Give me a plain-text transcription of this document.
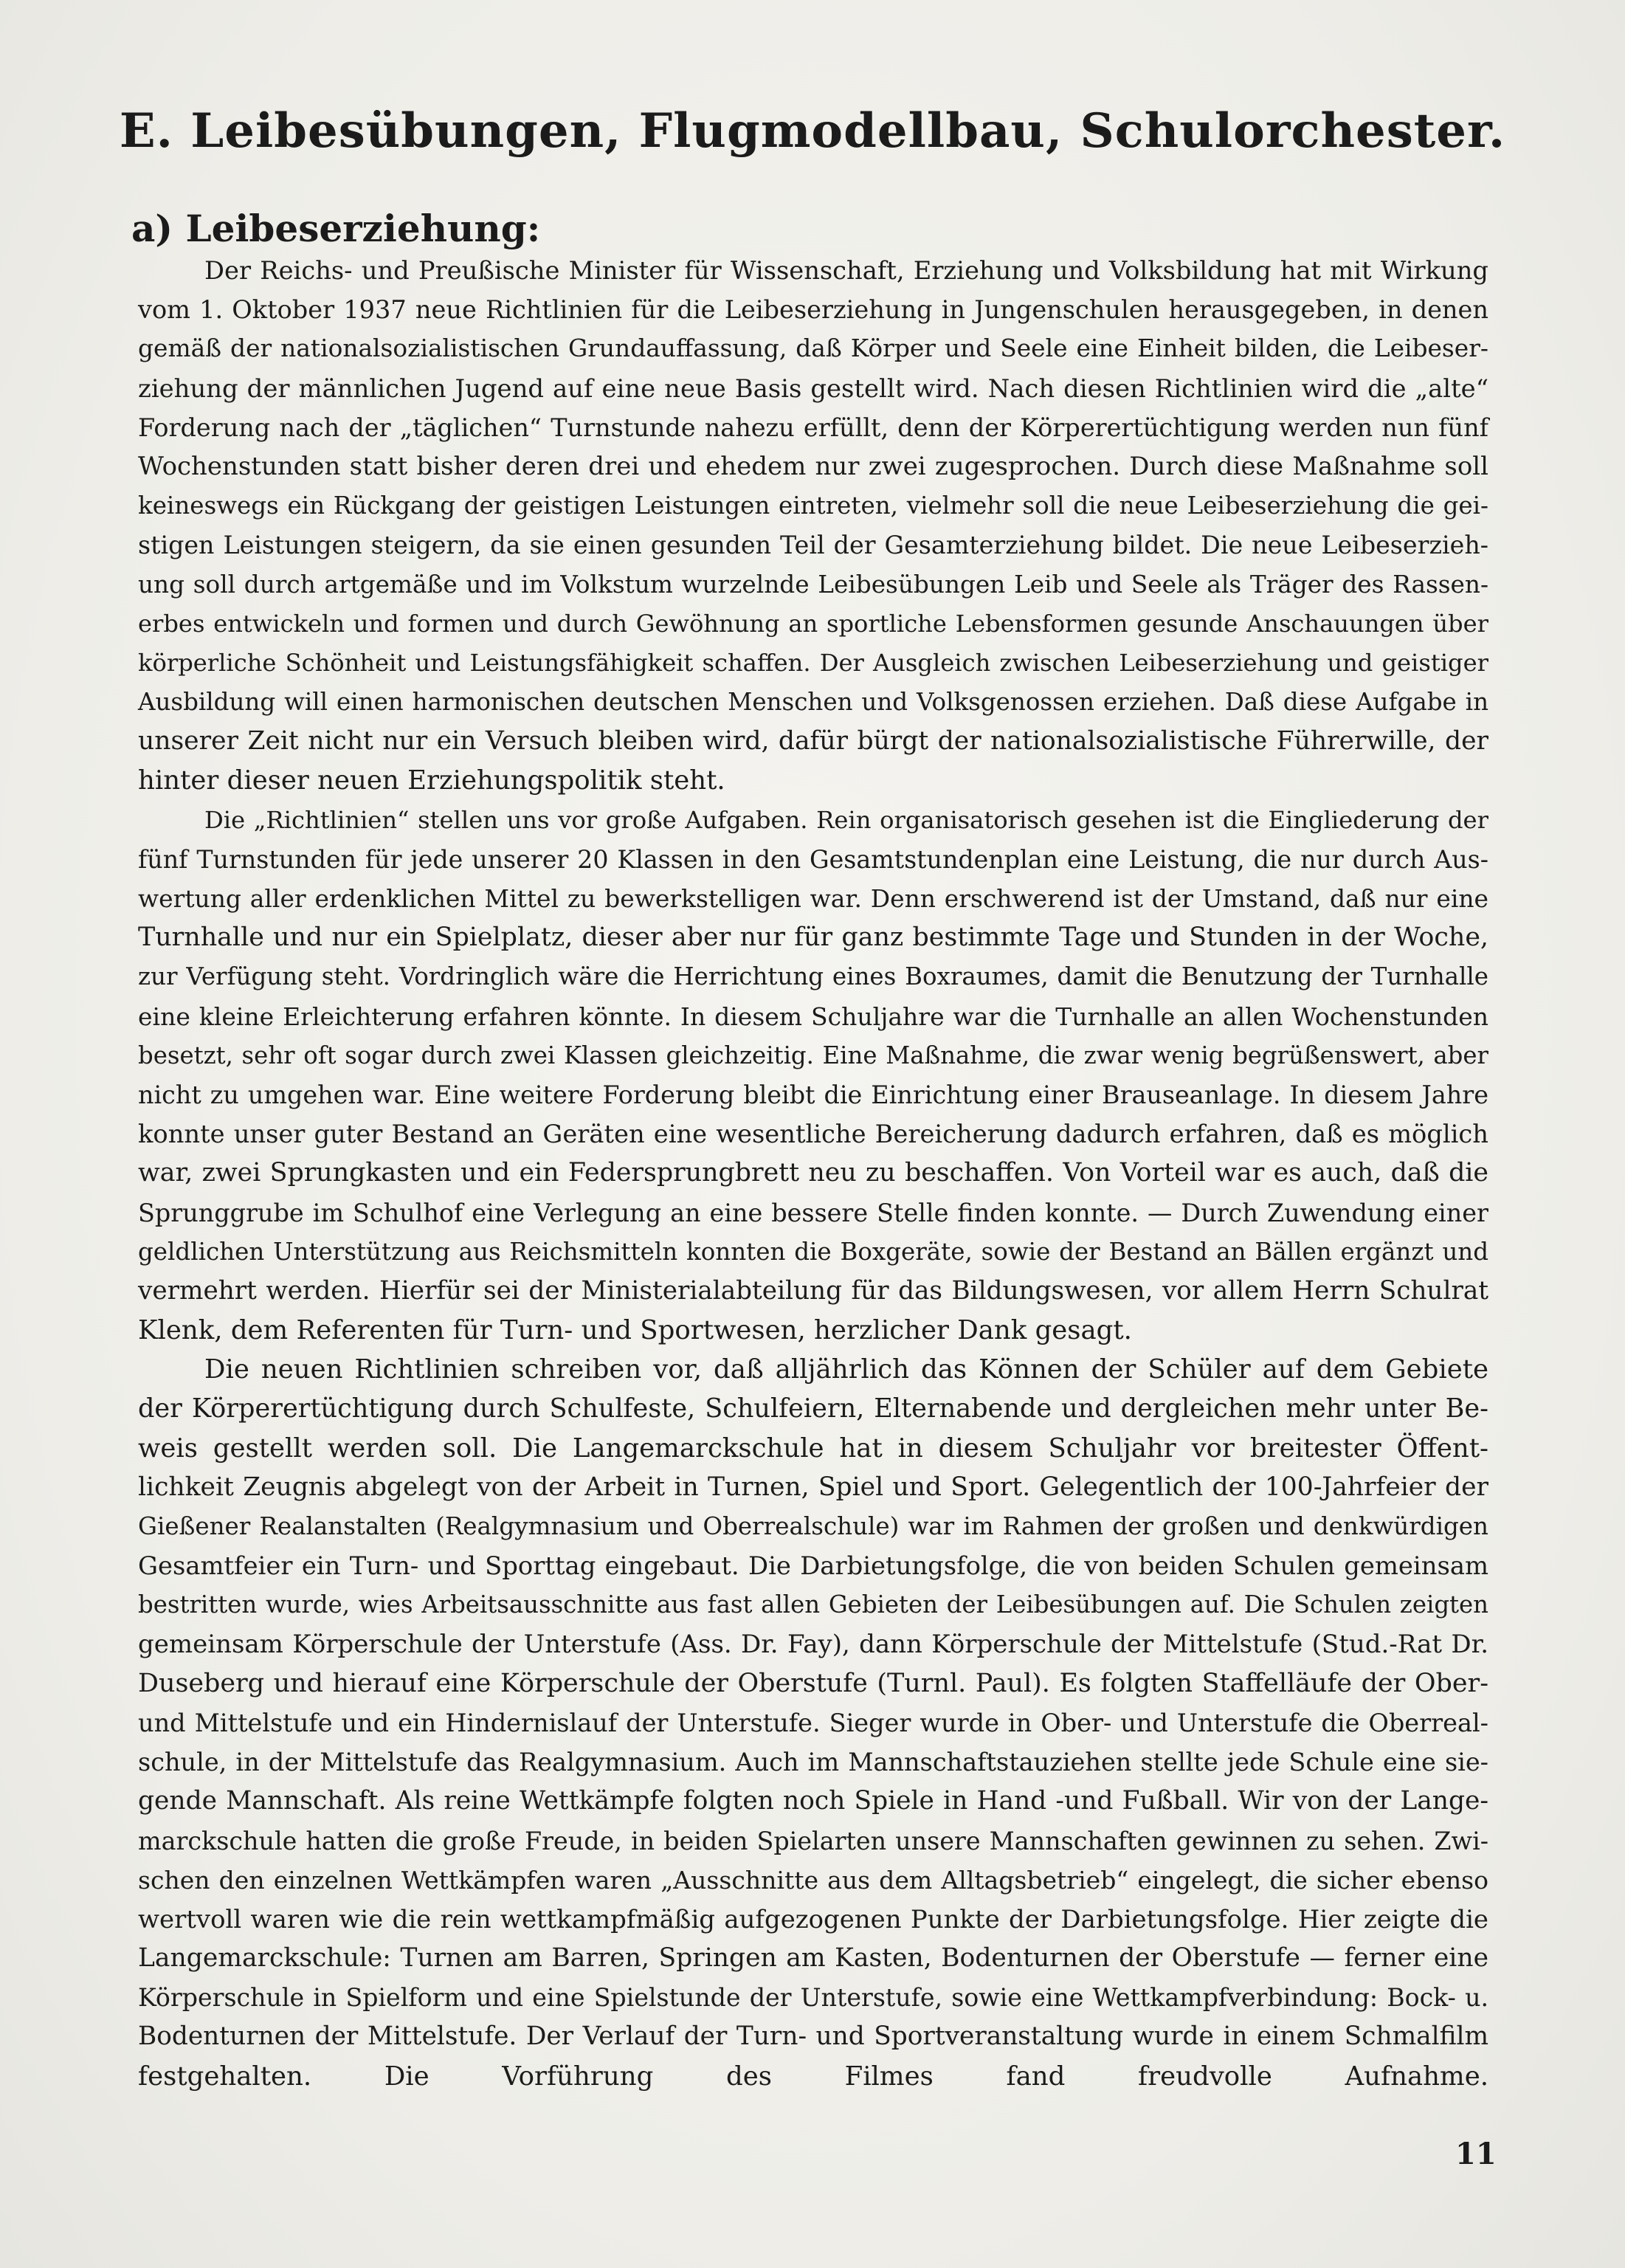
E. Leibesübungen, Flugmodellbau, Schulorchester.
a) Leibeserziehung:
Der Reichs- und Preußische Minister für Wissenschaft, Erziehung und Volksbildung hat mit Wirkung
vom 1. Oktober 1937 neue Richtlinien für die Leibeserziehung in Jungenschulen herausgegeben, in denen
gemäß der nationalsozialistischen Grundauffassung, daß Körper und Seele eine Einheit bilden, die Leibeser-
ziehung der männlichen Jugend auf eine neue Basis gestellt wird. Nach diesen Richtlinien wird die „alte“
Forderung nach der „täglichen“ Turnstunde nahezu erfüllt, denn der Körperertüchtigung werden nun fünf
Wochenstunden statt bisher deren drei und ehedem nur zwei zugesprochen. Durch diese Maßnahme soll
keineswegs ein Rückgang der geistigen Leistungen eintreten, vielmehr soll die neue Leibeserziehung die gei-
stigen Leistungen steigern, da sie einen gesunden Teil der Gesamterziehung bildet. Die neue Leibeserzieh-
ung soll durch artgemäße und im Volkstum wurzelnde Leibesübungen Leib und Seele als Träger des Rassen-
erbes entwickeln und formen und durch Gewöhnung an sportliche Lebensformen gesunde Anschauungen über
körperliche Schönheit und Leistungsfähigkeit schaffen. Der Ausgleich zwischen Leibeserziehung und geistiger
Ausbildung will einen harmonischen deutschen Menschen und Volksgenossen erziehen. Daß diese Aufgabe in
unserer Zeit nicht nur ein Versuch bleiben wird, dafür bürgt der nationalsozialistische Führerwille, der
hinter dieser neuen Erziehungspolitik steht.
Die „Richtlinien“ stellen uns vor große Aufgaben. Rein organisatorisch gesehen ist die Eingliederung der
fünf Turnstunden für jede unserer 20 Klassen in den Gesamtstundenplan eine Leistung, die nur durch Aus-
wertung aller erdenklichen Mittel zu bewerkstelligen war. Denn erschwerend ist der Umstand, daß nur eine
Turnhalle und nur ein Spielplatz, dieser aber nur für ganz bestimmte Tage und Stunden in der Woche,
zur Verfügung steht. Vordringlich wäre die Herrichtung eines Boxraumes, damit die Benutzung der Turnhalle
eine kleine Erleichterung erfahren könnte. In diesem Schuljahre war die Turnhalle an allen Wochenstunden
besetzt, sehr oft sogar durch zwei Klassen gleichzeitig. Eine Maßnahme, die zwar wenig begrüßenswert, aber
nicht zu umgehen war. Eine weitere Forderung bleibt die Einrichtung einer Brauseanlage. In diesem Jahre
konnte unser guter Bestand an Geräten eine wesentliche Bereicherung dadurch erfahren, daß es möglich
war, zwei Sprungkasten und ein Federsprungbrett neu zu beschaffen. Von Vorteil war es auch, daß die
Sprunggrube im Schulhof eine Verlegung an eine bessere Stelle finden konnte. — Durch Zuwendung einer
geldlichen Unterstützung aus Reichsmitteln konnten die Boxgeräte, sowie der Bestand an Bällen ergänzt und
vermehrt werden. Hierfür sei der Ministerialabteilung für das Bildungswesen, vor allem Herrn Schulrat
Klenk, dem Referenten für Turn- und Sportwesen, herzlicher Dank gesagt.
Die neuen Richtlinien schreiben vor, daß alljährlich das Können der Schüler auf dem Gebiete
der Körperertüchtigung durch Schulfeste, Schulfeiern, Elternabende und dergleichen mehr unter Be-
weis gestellt werden soll. Die Langemarckschule hat in diesem Schuljahr vor breitester Öffent-
lichkeit Zeugnis abgelegt von der Arbeit in Turnen, Spiel und Sport. Gelegentlich der 100-Jahrfeier der
Gießener Realanstalten (Realgymnasium und Oberrealschule) war im Rahmen der großen und denkwürdigen
Gesamtfeier ein Turn- und Sporttag eingebaut. Die Darbietungsfolge, die von beiden Schulen gemeinsam
bestritten wurde, wies Arbeitsausschnitte aus fast allen Gebieten der Leibesübungen auf. Die Schulen zeigten
gemeinsam Körperschule der Unterstufe (Ass. Dr. Fay), dann Körperschule der Mittelstufe (Stud.-Rat Dr.
Duseberg und hierauf eine Körperschule der Oberstufe (Turnl. Paul). Es folgten Staffelläufe der Ober-
und Mittelstufe und ein Hindernislauf der Unterstufe. Sieger wurde in Ober- und Unterstufe die Oberreal-
schule, in der Mittelstufe das Realgymnasium. Auch im Mannschaftstauziehen stellte jede Schule eine sie-
gende Mannschaft. Als reine Wettkämpfe folgten noch Spiele in Hand -und Fußball. Wir von der Lange-
marckschule hatten die große Freude, in beiden Spielarten unsere Mannschaften gewinnen zu sehen. Zwi-
schen den einzelnen Wettkämpfen waren „Ausschnitte aus dem Alltagsbetrieb“ eingelegt, die sicher ebenso
wertvoll waren wie die rein wettkampfmäßig aufgezogenen Punkte der Darbietungsfolge. Hier zeigte die
Langemarckschule: Turnen am Barren, Springen am Kasten, Bodenturnen der Oberstufe — ferner eine
Körperschule in Spielform und eine Spielstunde der Unterstufe, sowie eine Wettkampfverbindung: Bock- u.
Bodenturnen der Mittelstufe. Der Verlauf der Turn- und Sportveranstaltung wurde in einem Schmalfilm
festgehalten. Die Vorführung des Filmes fand freudvolle Aufnahme.
11
